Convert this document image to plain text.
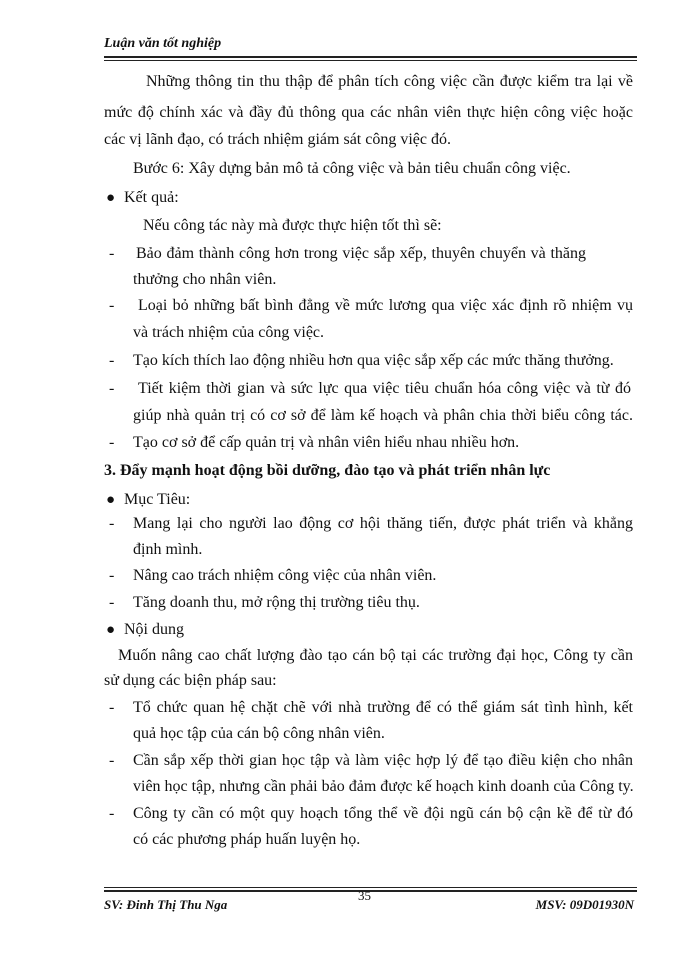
Luận văn tốt nghiệp
Những thông tin thu thập để phân tích công việc cần được kiểm tra lại về
mức độ chính xác và đầy đủ thông qua các nhân viên thực hiện công việc hoặc
các vị lãnh đạo, có trách nhiệm giám sát công việc đó.
Bước 6: Xây dựng bản mô tả công việc và bản tiêu chuẩn công việc.
● Kết quả:
Nếu công tác này mà được thực hiện tốt thì sẽ:
- Bảo đảm thành công hơn trong việc sắp xếp, thuyên chuyển và thăng
thưởng cho nhân viên.
- Loại bỏ những bất bình đẳng về mức lương qua việc xác định rõ nhiệm vụ
và trách nhiệm của công việc.
- Tạo kích thích lao động nhiều hơn qua việc sắp xếp các mức thăng thưởng.
- Tiết kiệm thời gian và sức lực qua việc tiêu chuẩn hóa công việc và từ đó
giúp nhà quản trị có cơ sở để làm kế hoạch và phân chia thời biểu công tác.
- Tạo cơ sở để cấp quản trị và nhân viên hiểu nhau nhiều hơn.
3. Đẩy mạnh hoạt động bồi dưỡng, đào tạo và phát triển nhân lực
● Mục Tiêu:
- Mang lại cho người lao động cơ hội thăng tiến, được phát triển và khẳng
định mình.
- Nâng cao trách nhiệm công việc của nhân viên.
- Tăng doanh thu, mở rộng thị trường tiêu thụ.
● Nội dung
Muốn nâng cao chất lượng đào tạo cán bộ tại các trường đại học, Công ty cần
sử dụng các biện pháp sau:
- Tổ chức quan hệ chặt chẽ với nhà trường để có thể giám sát tình hình, kết
quả học tập của cán bộ công nhân viên.
- Cần sắp xếp thời gian học tập và làm việc hợp lý để tạo điều kiện cho nhân
viên học tập, nhưng cần phải bảo đảm được kế hoạch kinh doanh của Công ty.
- Công ty cần có một quy hoạch tổng thể về đội ngũ cán bộ cận kề để từ đó
có các phương pháp huấn luyện họ.
SV: Đinh Thị Thu Nga
35
MSV: 09D01930N
